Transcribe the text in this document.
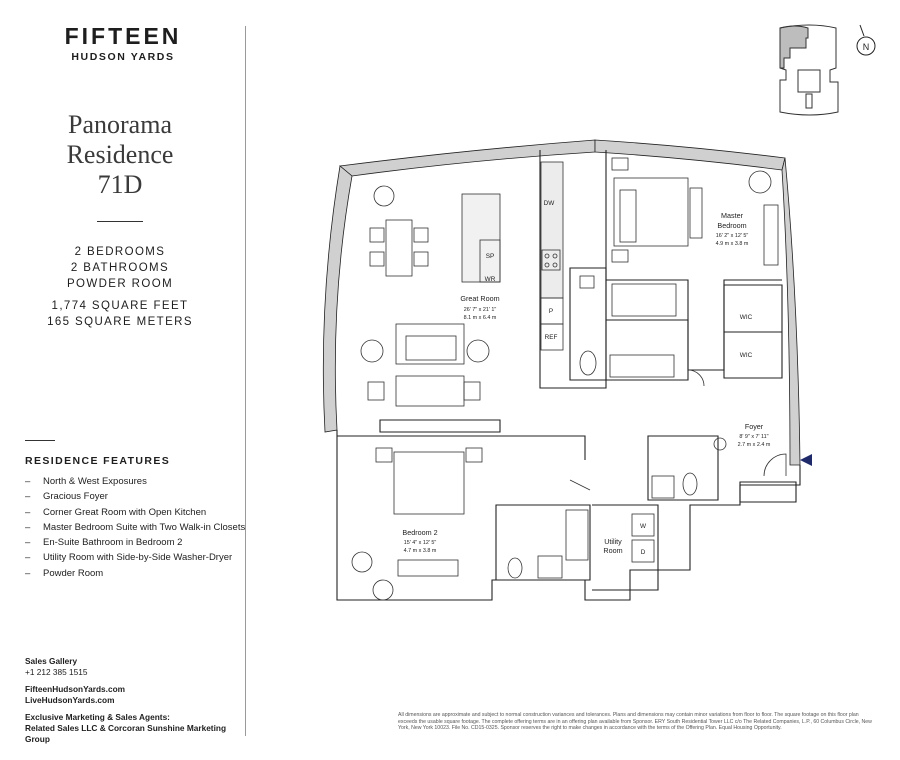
FIFTEEN
HUDSON YARDS
Panorama
Residence
71D
2 BEDROOMS
2 BATHROOMS
POWDER ROOM
1,774 SQUARE FEET
165 SQUARE METERS
RESIDENCE FEATURES
– North & West Exposures
– Gracious Foyer
– Corner Great Room with Open Kitchen
– Master Bedroom Suite with Two Walk-in Closets
– En-Suite Bathroom in Bedroom 2
– Utility Room with Side-by-Side Washer-Dryer
– Powder Room
Sales Gallery
+1 212 385 1515
FifteenHudsonYards.com
LiveHudsonYards.com
Exclusive Marketing & Sales Agents:
Related Sales LLC & Corcoran Sunshine Marketing Group
N
Great Room
26' 7" x 21' 1"
8.1 m x 6.4 m
Master
Bedroom
16' 2" x 12' 5"
4.9 m x 3.8 m
Bedroom 2
15' 4" x 12' 5"
4.7 m x 3.8 m
Foyer
8' 9" x 7' 11"
2.7 m x 2.4 m
Utility
Room
DW
SP
WR
P
REF
WIC
WIC
W
D
All dimensions are approximate and subject to normal construction variances and tolerances. Plans and dimensions may contain minor variations from floor to floor. The square footage on this floor plan exceeds the usable square footage. The complete offering terms are in an offering plan available from Sponsor. ERY South Residential Tower LLC c/o The Related Companies, L.P., 60 Columbus Circle, New York, New York 10023. File No. CD15-0325. Sponsor reserves the right to make changes in accordance with the terms of the Offering Plan. Equal Housing Opportunity.
